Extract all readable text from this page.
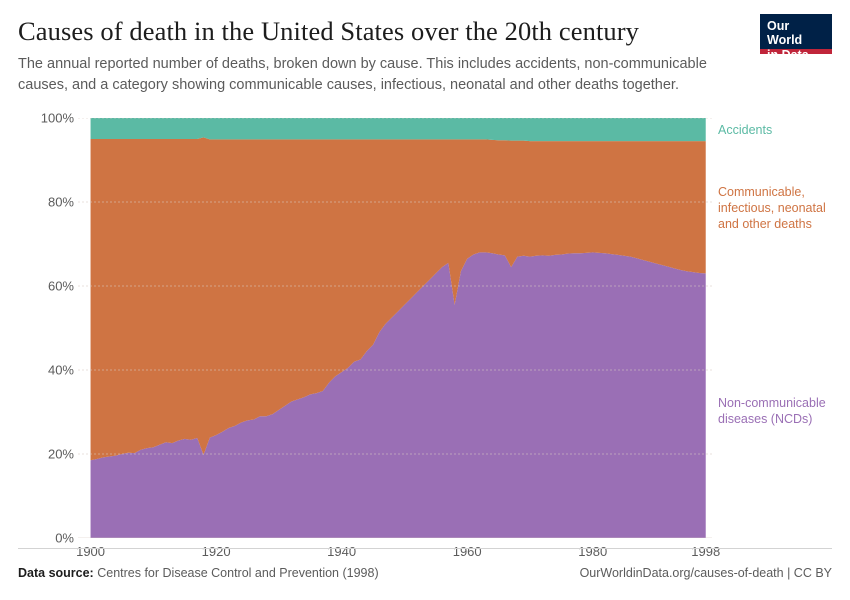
Causes of death in the United States over the 20th century

The annual reported number of deaths, broken down by cause. This includes accidents, non-communicable causes, and a category showing communicable causes, infectious, neonatal and other deaths together.

Our World
in Data
0%
20%
40%
60%
80%
100%
1900	1920	1940	1960	1980	1998
Accidents
Communicable, infectious, neonatal and other deaths
Non-communicable diseases (NCDs)
Data source: Centres for Disease Control and Prevention (1998)	OurWorldinData.org/causes-of-death | CC BY
